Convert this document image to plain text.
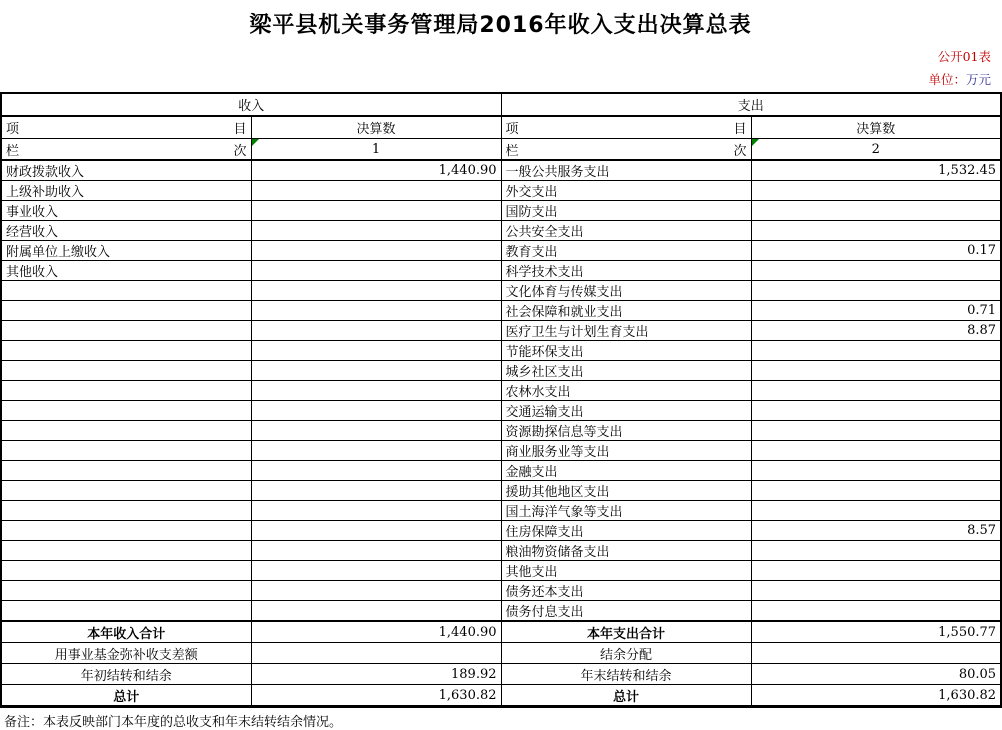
梁平县机关事务管理局2016年收入支出决算总表
公开01表
单位：万元
收入		支出	

项 目	决算数	项 目	决算数

栏 次	1	栏 次	2
财政拨款收入	1,440.90	一般公共服务支出	1,532.45
上级补助收入		外交支出	
事业收入		国防支出	
经营收入		公共安全支出	
附属单位上缴收入		教育支出	0.17
其他收入		科学技术支出	
		文化体育与传媒支出	
		社会保障和就业支出	0.71
		医疗卫生与计划生育支出	8.87
		节能环保支出	
		城乡社区支出	
		农林水支出	
		交通运输支出	
		资源勘探信息等支出	
		商业服务业等支出	
		金融支出	
		援助其他地区支出	
		国土海洋气象等支出	
		住房保障支出	8.57
		粮油物资储备支出	
		其他支出	
		债务还本支出	
		债务付息支出	
本年收入合计	1,440.90	本年支出合计	1,550.77
用事业基金弥补收支差额		结余分配	
年初结转和结余	189.92	年末结转和结余	80.05
总计	1,630.82	总计	1,630.82
备注：本表反映部门本年度的总收支和年末结转结余情况。
